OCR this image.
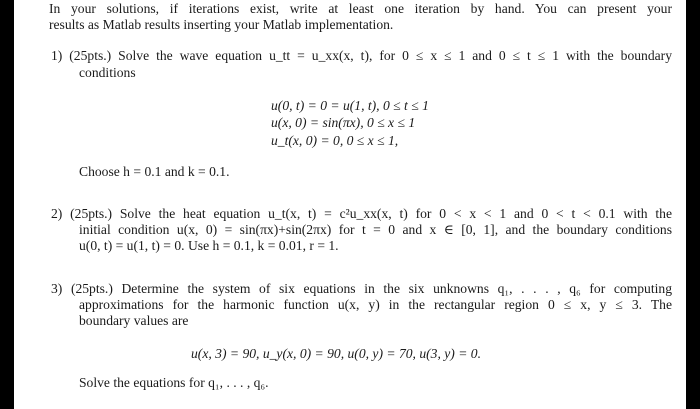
In your solutions, if iterations exist, write at least one iteration by hand. You can present your
results as Matlab results inserting your Matlab implementation.
1) (25pts.) Solve the wave equation u_tt = u_xx(x, t), for 0 ≤ x ≤ 1 and 0 ≤ t ≤ 1 with the boundary
conditions
u(0, t) = 0 = u(1, t), 0 ≤ t ≤ 1
u(x, 0) = sin(πx), 0 ≤ x ≤ 1
u_t(x, 0) = 0, 0 ≤ x ≤ 1,
Choose h = 0.1 and k = 0.1.
2) (25pts.) Solve the heat equation u_t(x, t) = c²u_xx(x, t) for 0 < x < 1 and 0 < t < 0.1 with the
initial condition u(x, 0) = sin(πx)+sin(2πx) for t = 0 and x ∈ [0, 1], and the boundary conditions
u(0, t) = u(1, t) = 0. Use h = 0.1, k = 0.01, r = 1.
3) (25pts.) Determine the system of six equations in the six unknowns q₁, . . . , q₆ for computing
approximations for the harmonic function u(x, y) in the rectangular region 0 ≤ x, y ≤ 3. The
boundary values are
u(x, 3) = 90, u_y(x, 0) = 90, u(0, y) = 70, u(3, y) = 0.
Solve the equations for q₁, . . . , q₆.
